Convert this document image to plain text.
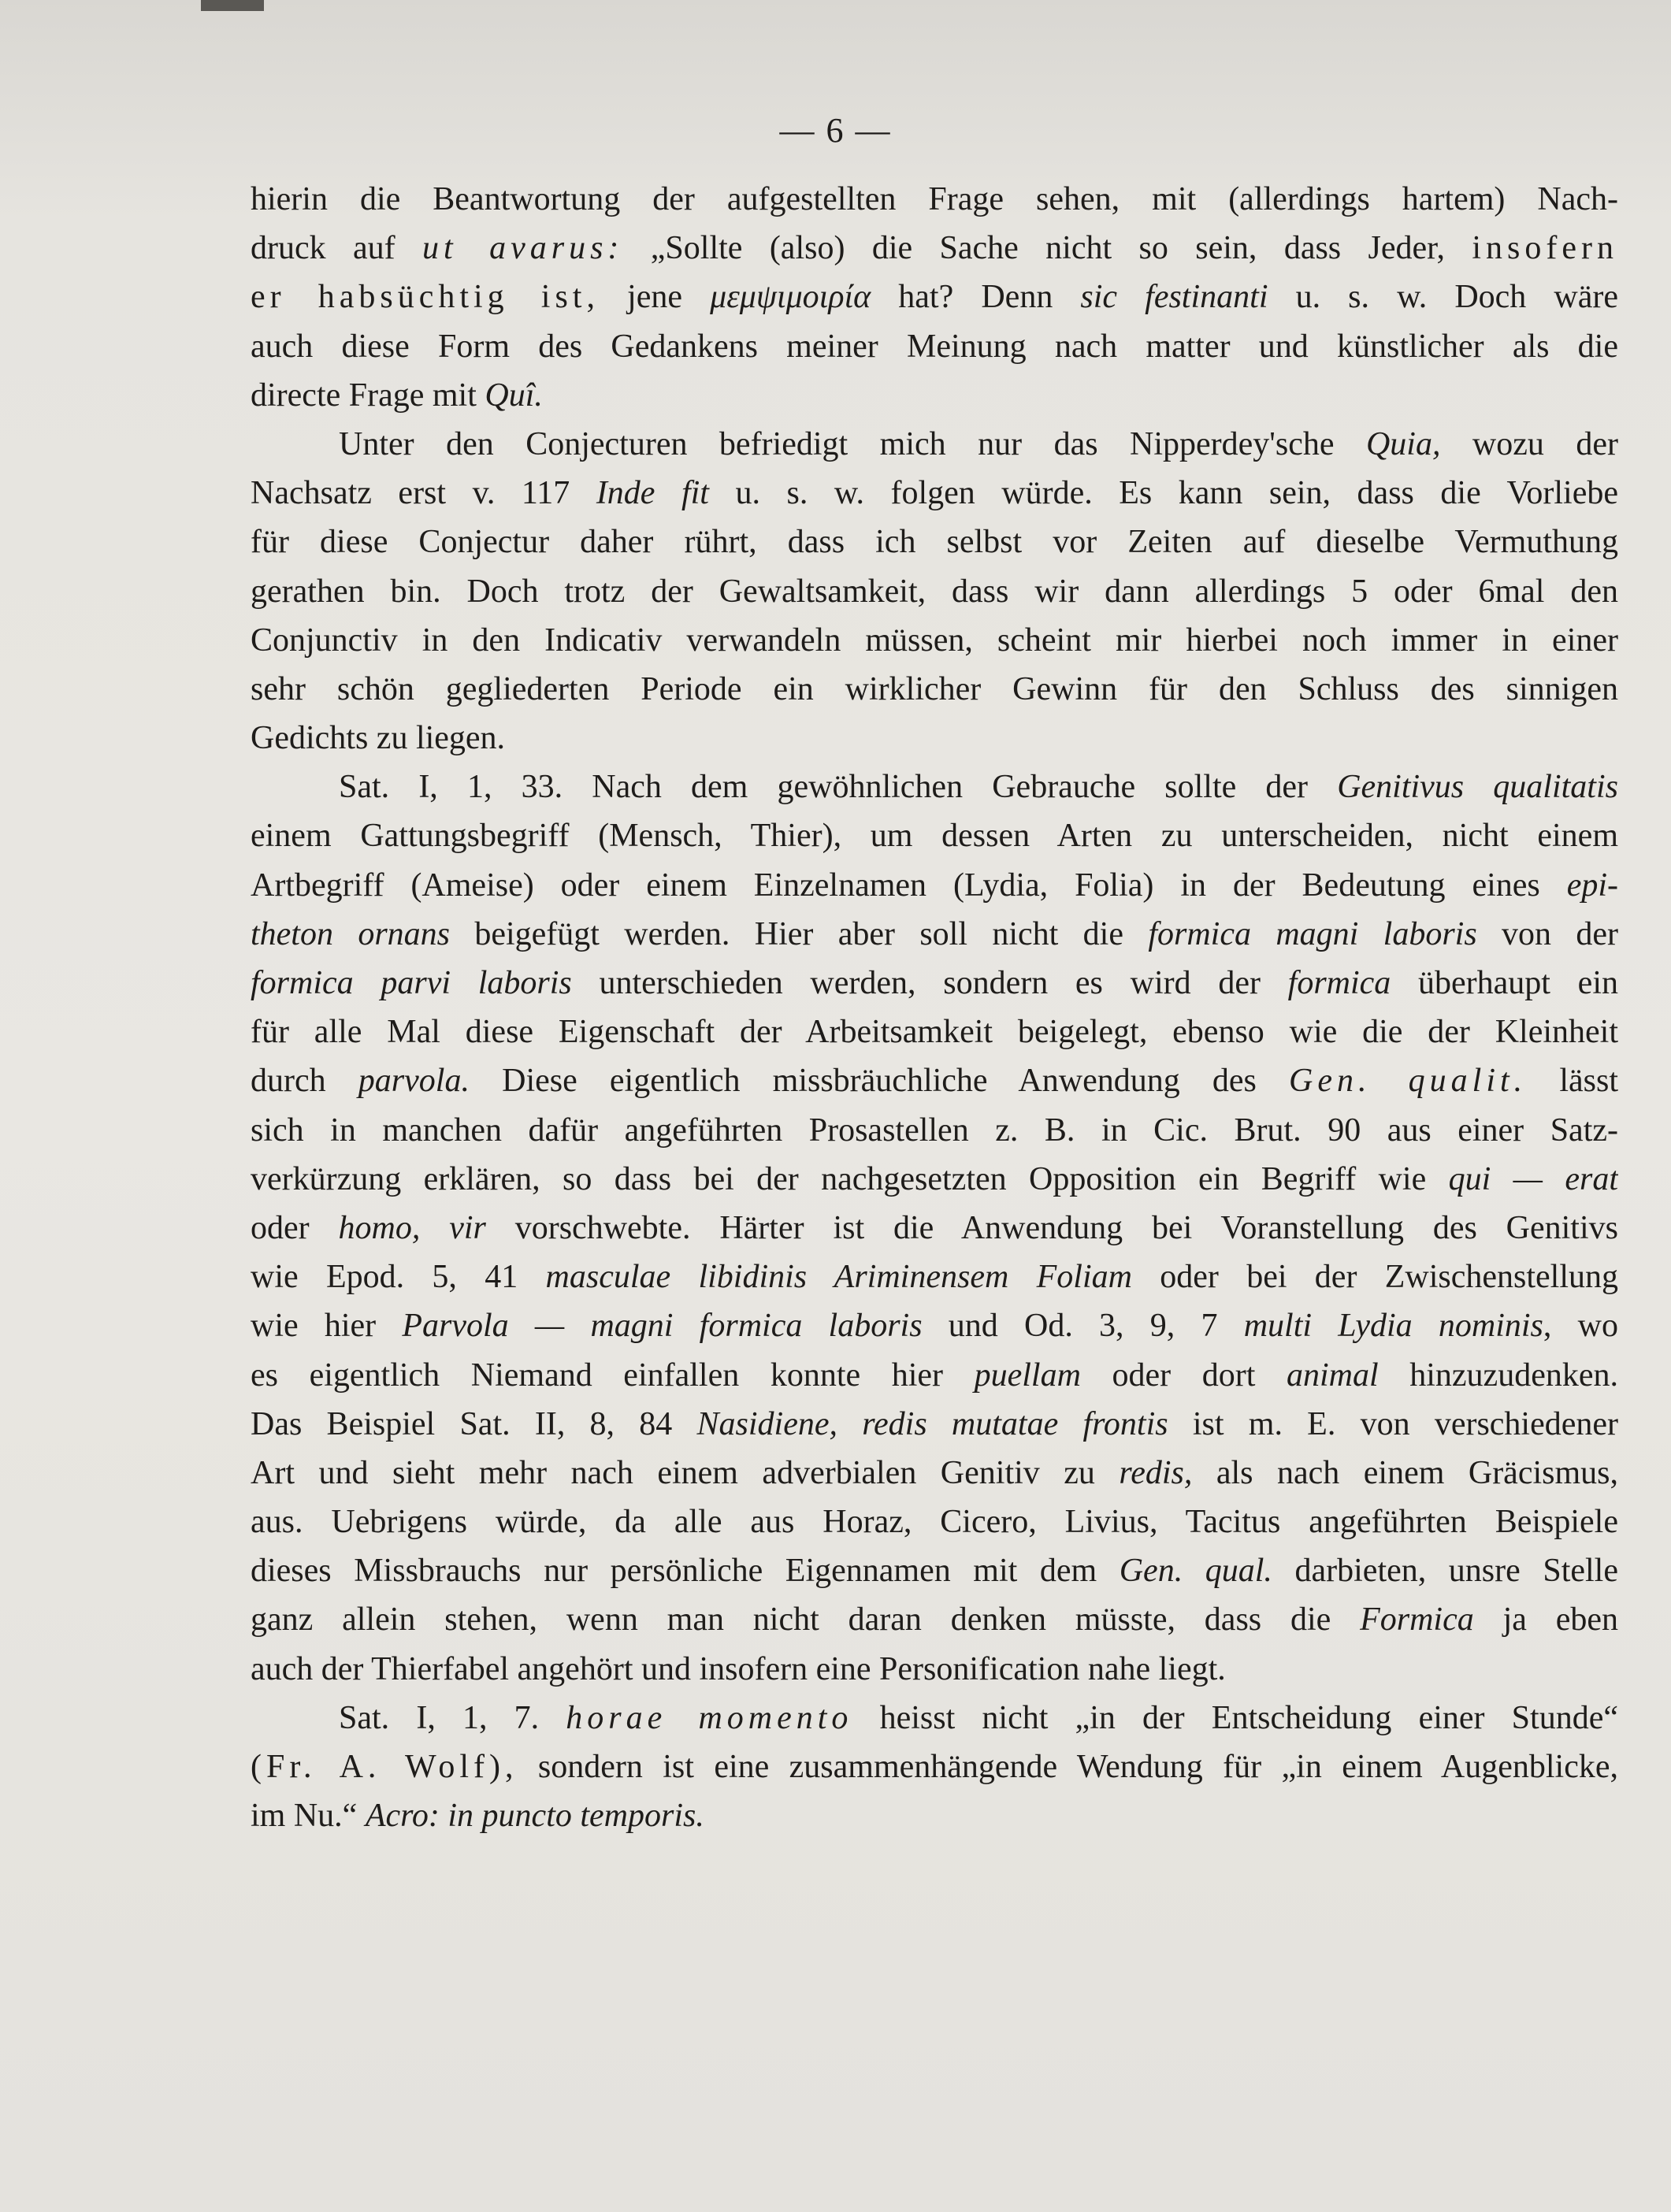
— 6 —
hierin die Beantwortung der aufgestellten Frage sehen, mit (allerdings hartem) Nach-
druck auf ut avarus: „Sollte (also) die Sache nicht so sein, dass Jeder, insofern
er habsüchtig ist, jene μεμψιμοιρία hat? Denn sic festinanti u. s. w. Doch wäre
auch diese Form des Gedankens meiner Meinung nach matter und künstlicher als die
directe Frage mit Quî.
Unter den Conjecturen befriedigt mich nur das Nipperdey'sche Quia, wozu der
Nachsatz erst v. 117 Inde fit u. s. w. folgen würde. Es kann sein, dass die Vorliebe
für diese Conjectur daher rührt, dass ich selbst vor Zeiten auf dieselbe Vermuthung
gerathen bin. Doch trotz der Gewaltsamkeit, dass wir dann allerdings 5 oder 6mal den
Conjunctiv in den Indicativ verwandeln müssen, scheint mir hierbei noch immer in einer
sehr schön gegliederten Periode ein wirklicher Gewinn für den Schluss des sinnigen
Gedichts zu liegen.
Sat. I, 1, 33. Nach dem gewöhnlichen Gebrauche sollte der Genitivus qualitatis
einem Gattungsbegriff (Mensch, Thier), um dessen Arten zu unterscheiden, nicht einem
Artbegriff (Ameise) oder einem Einzelnamen (Lydia, Folia) in der Bedeutung eines epi-
theton ornans beigefügt werden. Hier aber soll nicht die formica magni laboris von der
formica parvi laboris unterschieden werden, sondern es wird der formica überhaupt ein
für alle Mal diese Eigenschaft der Arbeitsamkeit beigelegt, ebenso wie die der Kleinheit
durch parvola. Diese eigentlich missbräuchliche Anwendung des Gen. qualit. lässt
sich in manchen dafür angeführten Prosastellen z. B. in Cic. Brut. 90 aus einer Satz-
verkürzung erklären, so dass bei der nachgesetzten Opposition ein Begriff wie qui — erat
oder homo, vir vorschwebte. Härter ist die Anwendung bei Voranstellung des Genitivs
wie Epod. 5, 41 masculae libidinis Ariminensem Foliam oder bei der Zwischenstellung
wie hier Parvola — magni formica laboris und Od. 3, 9, 7 multi Lydia nominis, wo
es eigentlich Niemand einfallen konnte hier puellam oder dort animal hinzuzudenken.
Das Beispiel Sat. II, 8, 84 Nasidiene, redis mutatae frontis ist m. E. von verschiedener
Art und sieht mehr nach einem adverbialen Genitiv zu redis, als nach einem Gräcismus,
aus. Uebrigens würde, da alle aus Horaz, Cicero, Livius, Tacitus angeführten Beispiele
dieses Missbrauchs nur persönliche Eigennamen mit dem Gen. qual. darbieten, unsre Stelle
ganz allein stehen, wenn man nicht daran denken müsste, dass die Formica ja eben
auch der Thierfabel angehört und insofern eine Personification nahe liegt.
Sat. I, 1, 7. horae momento heisst nicht „in der Entscheidung einer Stunde“
(Fr. A. Wolf), sondern ist eine zusammenhängende Wendung für „in einem Augenblicke,
im Nu.“ Acro: in puncto temporis.
